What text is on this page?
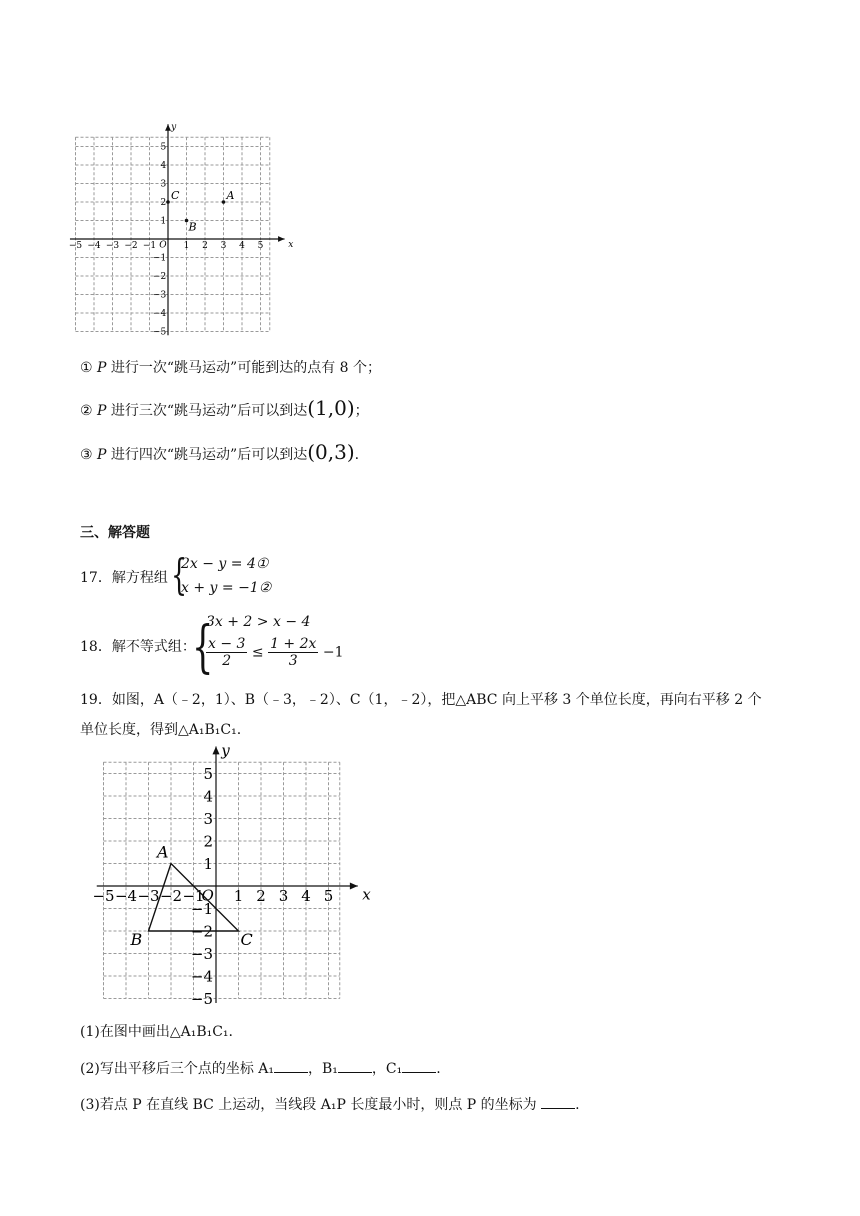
x
y
O
−5 −4 −3 −2 −1	1 2 3 4 5
1
2
3
4
5
−1
−2
−3
−4
−5
A
B
C
① P 进行一次“跳马运动”可能到达的点有 8 个；
② P 进行三次“跳马运动”后可以到达(1,0)；
③ P 进行四次“跳马运动”后可以到达(0,3).
三、解答题
17．解方程组 {
2x − y = 4①
x + y = −1②
18．解不等式组：
{
3x + 2 > x − 4
$\frac{x - 3}{2} \le \frac{1 + 2x}{3} -1$
19．如图，A（﹣2，1）、B（﹣3，﹣2）、C（1，﹣2），把△ABC 向上平移 3 个单位长度，再向右平移 2 个
单位长度，得到△A₁B₁C₁.
x
y
O
−5 −4 −3 −2 −1 1 2 3 4 5
1
2
3
4
5
−1
−2
−3
−4
−5
A
B	C
(1)在图中画出△A₁B₁C₁.
(2)写出平移后三个点的坐标 A₁ ，B₁ ，C₁ .
(3)若点 P 在直线 BC 上运动，当线段 A₁P 长度最小时，则点 P 的坐标为 .
